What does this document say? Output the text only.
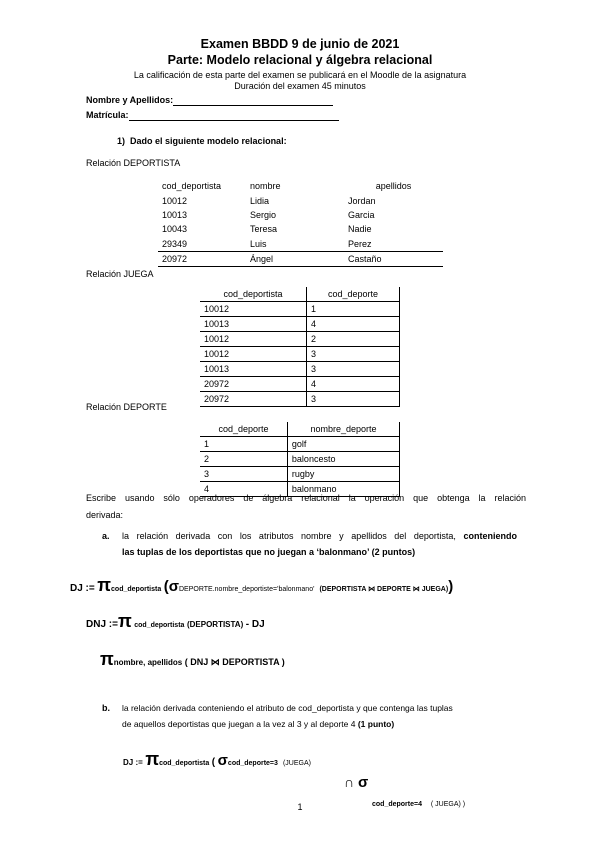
Examen BBDD 9 de junio de 2021
Parte: Modelo relacional y álgebra relacional
La calificación de esta parte del examen se publicará en el Moodle de la asignatura
Duración del examen 45 minutos
Nombre y Apellidos:
Matrícula:
1) Dado el siguiente modelo relacional:
Relación DEPORTISTA
cod_deportista	nombre	apellidos
10012	Lidia	Jordan
10013	Sergio	Garcia
10043	Teresa	Nadie
29349	Luis	Perez
20972	Ángel	Castaño
Relación JUEGA
cod_deportista	cod_deporte
10012	1
10013	4
10012	2
10012	3
10013	3
20972	4
20972	3
Relación DEPORTE
cod_deporte	nombre_deporte
1	golf
2	baloncesto
3	rugby
4	balonmano
Escribe usando sólo operadores de álgebra relacional la operación que obtenga la relación
derivada:
a. la relación derivada con los atributos nombre y apellidos del deportista, conteniendo
las tuplas de los deportistas que no juegan a ‘balonmano’ (2 puntos)
DJ := πcod_deportista (σDEPORTE.nombre_deportiste='balonmano' (DEPORTISTA ⋈ DEPORTE ⋈ JUEGA))
DNJ :=π cod_deportista (DEPORTISTA) - DJ
πnombre, apellidos ( DNJ ⋈ DEPORTISTA )
b. la relación derivada conteniendo el atributo de cod_deportista y que contenga las tuplas
de aquellos deportistas que juegan a la vez al 3 y al deporte 4 (1 punto)
DJ := πcod_deportista ( σcod_deporte=3 (JUEGA)
∩ σ
cod_deporte=4 ( JUEGA) )
1
